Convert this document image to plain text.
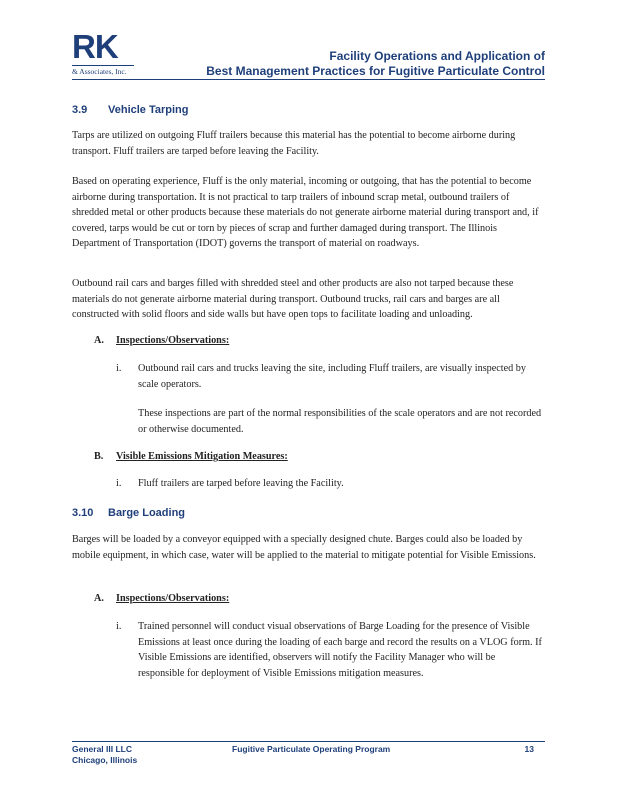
RK
& Associates, Inc.
Facility Operations and Application of
Best Management Practices for Fugitive Particulate Control
3.9 Vehicle Tarping
Tarps are utilized on outgoing Fluff trailers because this material has the potential to become airborne during transport. Fluff trailers are tarped before leaving the Facility.
Based on operating experience, Fluff is the only material, incoming or outgoing, that has the potential to become airborne during transportation. It is not practical to tarp trailers of inbound scrap metal, outbound trailers of shredded metal or other products because these materials do not generate airborne material during transport and, if covered, tarps would be cut or torn by pieces of scrap and further damaged during transport. The Illinois Department of Transportation (IDOT) governs the transport of material on roadways.
Outbound rail cars and barges filled with shredded steel and other products are also not tarped because these materials do not generate airborne material during transport. Outbound trucks, rail cars and barges are all constructed with solid floors and side walls but have open tops to facilitate loading and unloading.
A. Inspections/Observations:
i.	Outbound rail cars and trucks leaving the site, including Fluff trailers, are visually inspected by scale operators.
These inspections are part of the normal responsibilities of the scale operators and are not recorded or otherwise documented.
B. Visible Emissions Mitigation Measures:
i.	Fluff trailers are tarped before leaving the Facility.
3.10 Barge Loading
Barges will be loaded by a conveyor equipped with a specially designed chute. Barges could also be loaded by mobile equipment, in which case, water will be applied to the material to mitigate potential for Visible Emissions.
A. Inspections/Observations:
i.	Trained personnel will conduct visual observations of Barge Loading for the presence of Visible Emissions at least once during the loading of each barge and record the results on a VLOG form. If Visible Emissions are identified, observers will notify the Facility Manager who will be responsible for deployment of Visible Emissions mitigation measures.
General III LLC
Chicago, Illinois
Fugitive Particulate Operating Program	13
